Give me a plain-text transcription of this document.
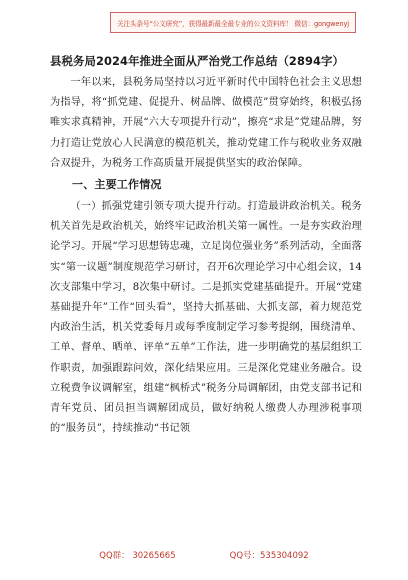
关注头条号“公文研究”，获得最新最全最专业的公文资料库！ 微信：gongwenyj
县税务局2024年推进全面从严治党工作总结（2894字）

一年以来，县税务局坚持以习近平新时代中国特色社会主义思想为指导，将“抓党建、促提升、树品牌、做模范”贯穿始终，积极弘扬唯实求真精神，开展“六大专项提升行动”，擦亮“求是”党建品牌，努力打造让党放心人民满意的模范机关，推动党建工作与税收业务双融合双提升，为税务工作高质量开展提供坚实的政治保障。

一、主要工作情况

（一）抓强党建引领专项大提升行动。打造最讲政治机关。税务机关首先是政治机关，始终牢记政治机关第一属性。一是夯实政治理论学习。开展“学习思想铸忠魂，立足岗位强业务”系列活动，全面落实“第一议题”制度规范学习研讨，召开6次理论学习中心组会议，14次支部集中学习，8次集中研讨。二是抓实党建基础提升。开展“党建基础提升年”工作“回头看”，坚持大抓基础、大抓支部，着力规范党内政治生活，机关党委每月或每季度制定学习参考提纲，围绕清单、工单、督单、晒单、评单“五单”工作法，进一步明确党的基层组织工作职责，加强跟踪问效，深化结果应用。三是深化党建业务融合。设立税费争议调解室，组建“枫桥式”税务分局调解团，由党支部书记和青年党员、团员担当调解团成员，做好纳税人缴费人办理涉税事项的“服务员”，持续推动“书记领

QQ群： 30265665	QQ号：535304092
